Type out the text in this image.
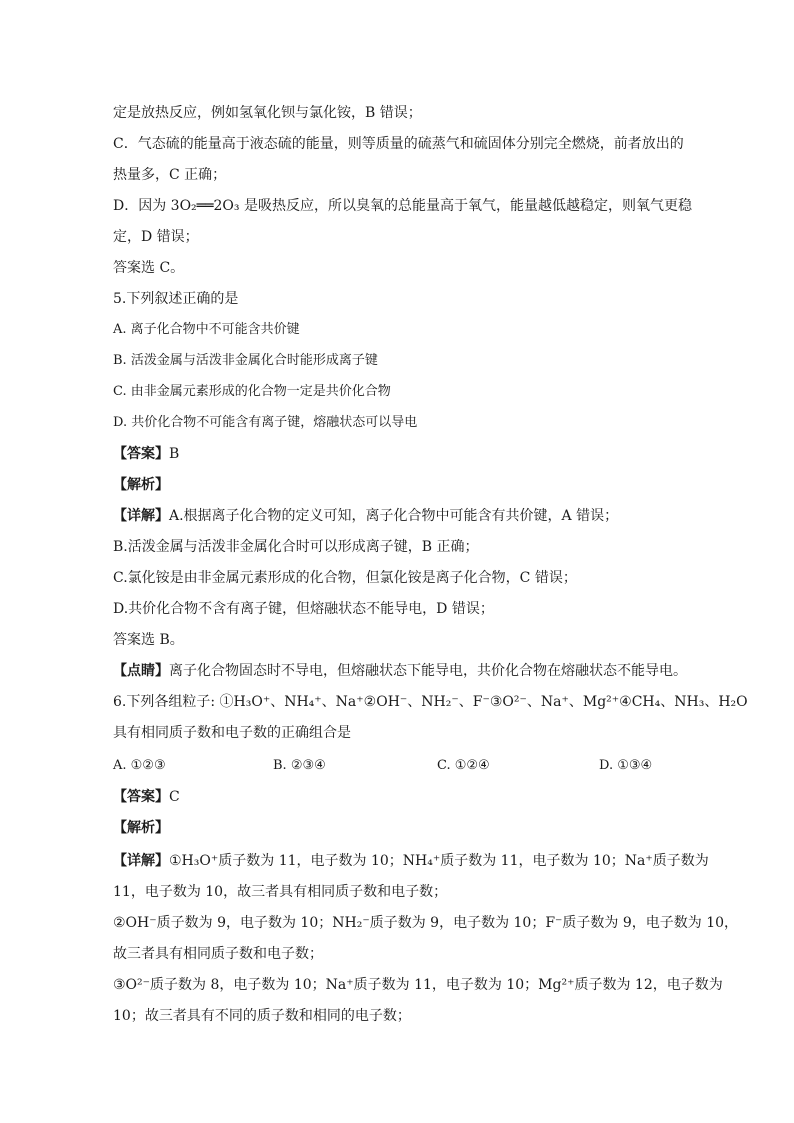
定是放热反应，例如氢氧化钡与氯化铵，B 错误；
C．气态硫的能量高于液态硫的能量，则等质量的硫蒸气和硫固体分别完全燃烧，前者放出的
热量多，C 正确；
D．因为 3O₂══2O₃ 是吸热反应，所以臭氧的总能量高于氧气，能量越低越稳定，则氧气更稳
定，D 错误；
答案选 C。
5.下列叙述正确的是
A. 离子化合物中不可能含共价键
B. 活泼金属与活泼非金属化合时能形成离子键
C. 由非金属元素形成的化合物一定是共价化合物
D. 共价化合物不可能含有离子键，熔融状态可以导电
【答案】B
【解析】
【详解】A.根据离子化合物的定义可知，离子化合物中可能含有共价键，A 错误；
B.活泼金属与活泼非金属化合时可以形成离子键，B 正确；
C.氯化铵是由非金属元素形成的化合物，但氯化铵是离子化合物，C 错误；
D.共价化合物不含有离子键，但熔融状态不能导电，D 错误；
答案选 B。
【点睛】离子化合物固态时不导电，但熔融状态下能导电，共价化合物在熔融状态不能导电。
6.下列各组粒子: ①H₃O⁺、NH₄⁺、Na⁺②OH⁻、NH₂⁻、F⁻③O²⁻、Na⁺、Mg²⁺④CH₄、NH₃、H₂O
具有相同质子数和电子数的正确组合是
A. ①②③	B. ②③④	C. ①②④	D. ①③④
【答案】C
【解析】
【详解】①H₃O⁺质子数为 11，电子数为 10；NH₄⁺质子数为 11，电子数为 10；Na⁺质子数为
11，电子数为 10，故三者具有相同质子数和电子数；
②OH⁻质子数为 9，电子数为 10；NH₂⁻质子数为 9，电子数为 10；F⁻质子数为 9，电子数为 10，
故三者具有相同质子数和电子数；
③O²⁻质子数为 8，电子数为 10；Na⁺质子数为 11，电子数为 10；Mg²⁺质子数为 12，电子数为
10；故三者具有不同的质子数和相同的电子数；
